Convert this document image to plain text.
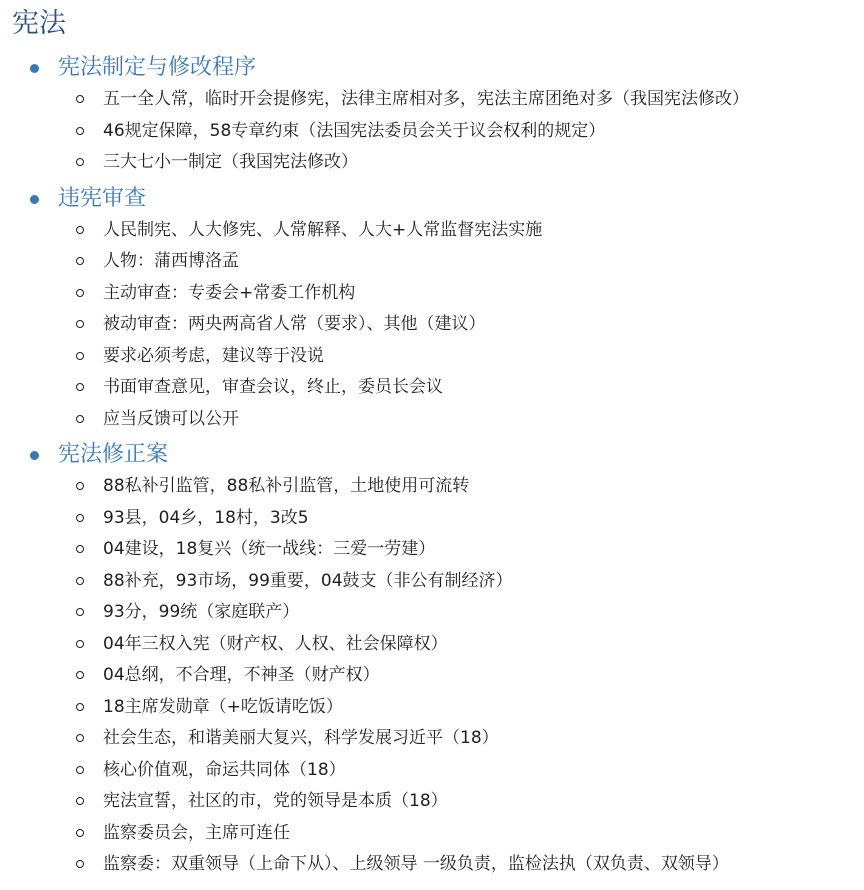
宪法
宪法制定与修改程序
五一全人常，临时开会提修宪，法律主席相对多，宪法主席团绝对多（我国宪法修改）
46规定保障，58专章约束（法国宪法委员会关于议会权利的规定）
三大七小一制定（我国宪法修改）
违宪审查
人民制宪、人大修宪、人常解释、人大+人常监督宪法实施
人物：蒲西博洛孟
主动审查：专委会+常委工作机构
被动审查：两央两高省人常（要求）、其他（建议）
要求必须考虑，建议等于没说
书面审查意见，审查会议，终止，委员长会议
应当反馈可以公开
宪法修正案
88私补引监管，88私补引监管，土地使用可流转
93县，04乡，18村，3改5
04建设，18复兴（统一战线：三爱一劳建）
88补充，93市场，99重要，04鼓支（非公有制经济）
93分，99统（家庭联产）
04年三权入宪（财产权、人权、社会保障权）
04总纲，不合理，不神圣（财产权）
18主席发勋章（+吃饭请吃饭）
社会生态，和谐美丽大复兴，科学发展习近平（18）
核心价值观，命运共同体（18）
宪法宣誓，社区的市，党的领导是本质（18）
监察委员会，主席可连任
监察委：双重领导（上命下从）、上级领导 一级负责，监检法执（双负责、双领导）
